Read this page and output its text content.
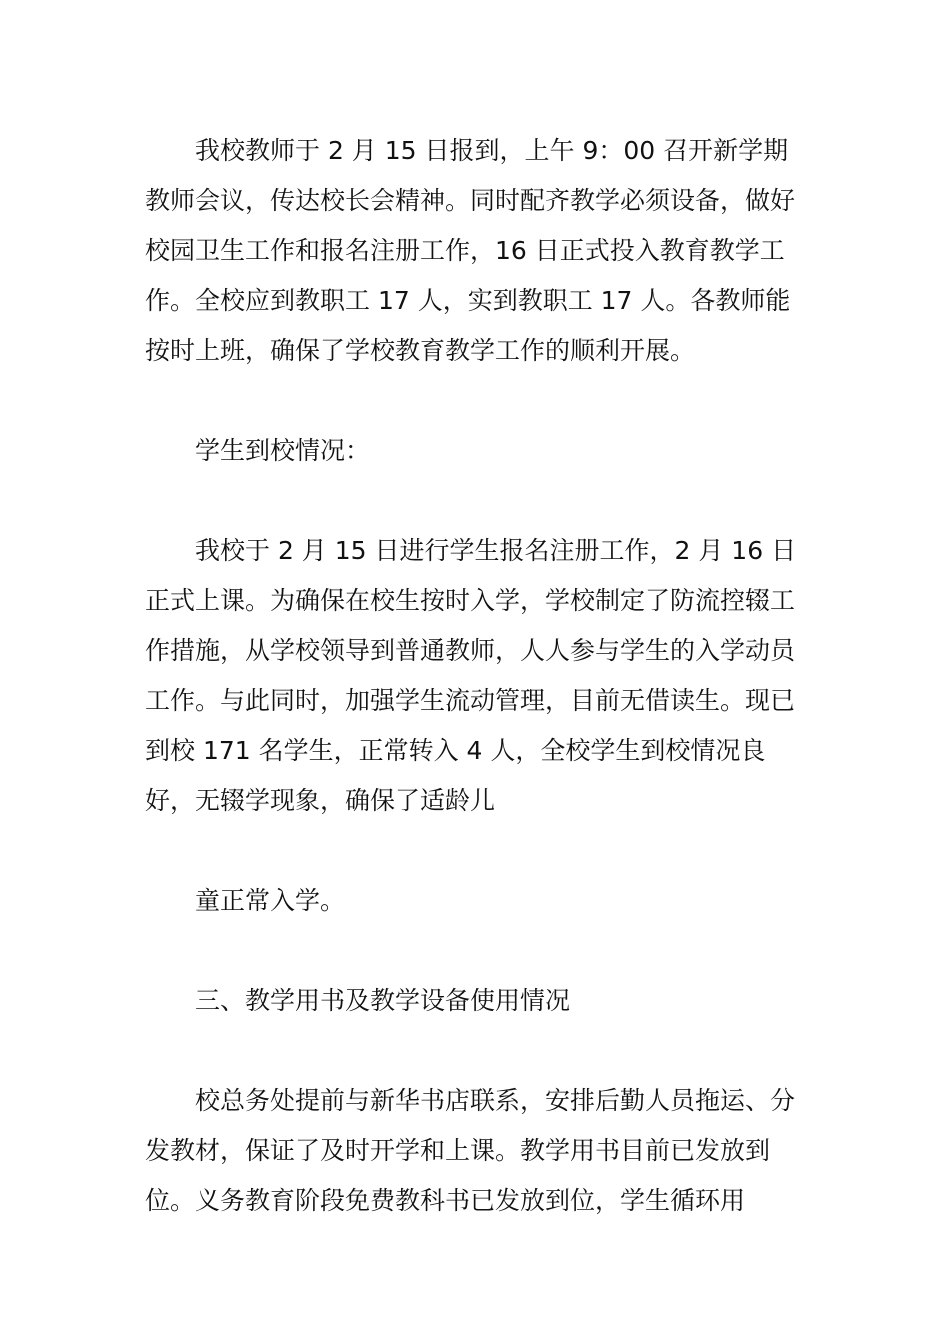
我校教师于 2 月 15 日报到，上午 9：00 召开新学期教师会议，传达校长会精神。同时配齐教学必须设备，做好校园卫生工作和报名注册工作，16 日正式投入教育教学工作。全校应到教职工 17 人，实到教职工 17 人。各教师能按时上班，确保了学校教育教学工作的顺利开展。

学生到校情况：

我校于 2 月 15 日进行学生报名注册工作，2 月 16 日正式上课。为确保在校生按时入学，学校制定了防流控辍工作措施，从学校领导到普通教师，人人参与学生的入学动员工作。与此同时，加强学生流动管理，目前无借读生。现已到校 171 名学生，正常转入 4 人，全校学生到校情况良好，无辍学现象，确保了适龄儿

童正常入学。

三、教学用书及教学设备使用情况

校总务处提前与新华书店联系，安排后勤人员拖运、分发教材，保证了及时开学和上课。教学用书目前已发放到位。义务教育阶段免费教科书已发放到位，学生循环用
